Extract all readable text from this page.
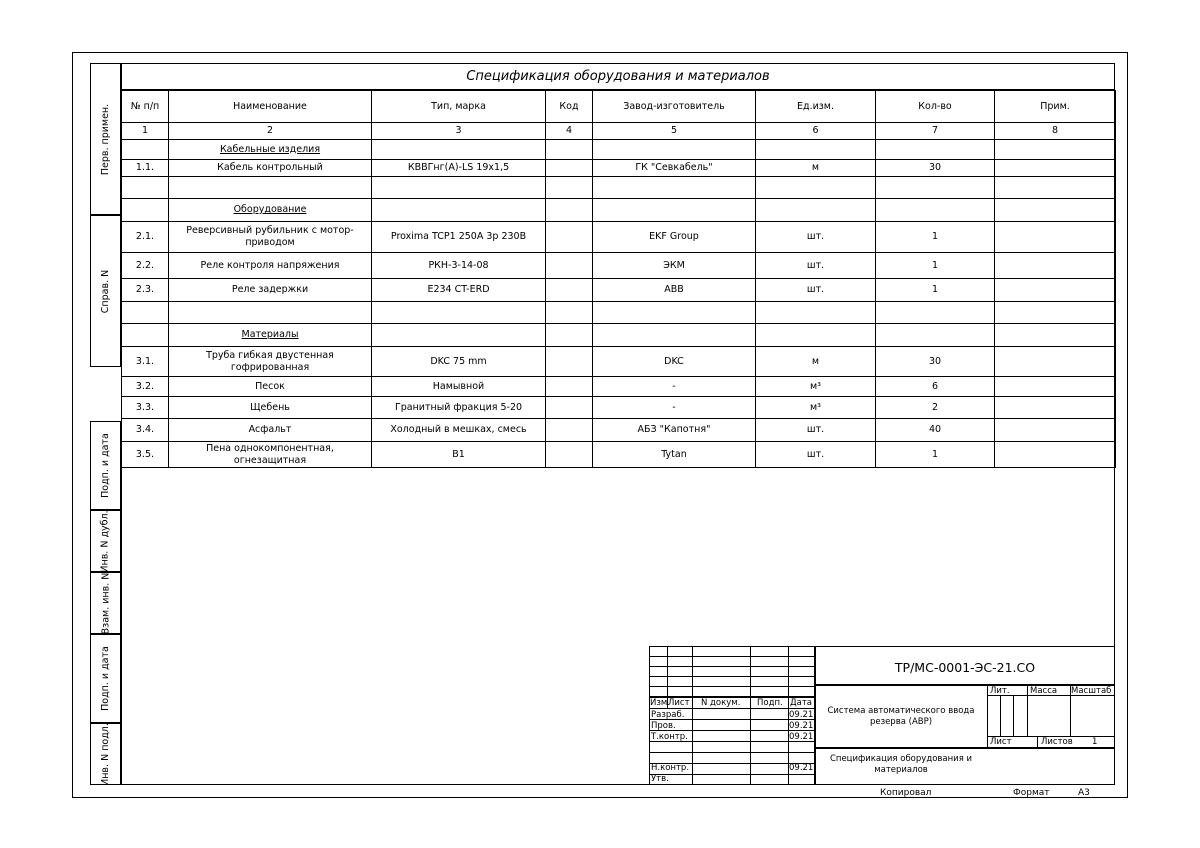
Перв. примен.
Справ. N
Подп. и дата
Инв. N дубл.
Взам. инв. N
Подп. и дата
Инв. N подл.
Спецификация оборудования и материалов
№ п/п	Наименование	Тип, марка	Код	Завод-изготовитель	Ед.изм.	Кол-во	Прим.
1	2	3	4	5	6	7	8
	Кабельные изделия						
1.1.	Кабель контрольный	КВВГнг(А)-LS 19х1,5		ГК "Севкабель"	м	30	

	Оборудование						
2.1.	Реверсивный рубильник с мотор-приводом	Proxima TCP1 250A 3p 230В		EKF Group	шт.	1	
2.2.	Реле контроля напряжения	РКН-3-14-08		ЭКМ	шт.	1	
2.3.	Реле задержки	E234 CT-ERD		ABB	шт.	1	

	Материалы						
3.1.	Труба гибкая двустенная гофрированная	DKC 75 mm		DKC	м	30	
3.2.	Песок	Намывной		-	м³	6	
3.3.	Щебень	Гранитный фракция 5-20		-	м³	2	
3.4.	Асфальт	Холодный в мешках, смесь		АБЗ "Капотня"	шт.	40	
3.5.	Пена однокомпонентная, огнезащитная	B1		Tytan	шт.	1	
Изм.
Лист N докум. Подп. Дата
Разраб.	09.21
Пров.	09.21
Т.контр.	09.21
Н.контр.	09.21
Утв.
ТР/МС-0001-ЭС-21.СО
Система автоматического ввода резерва (АВР)
Спецификация оборудования и материалов
Лит. Масса Масштаб
Лист	Листов 1
Копировал	Формат	А3
